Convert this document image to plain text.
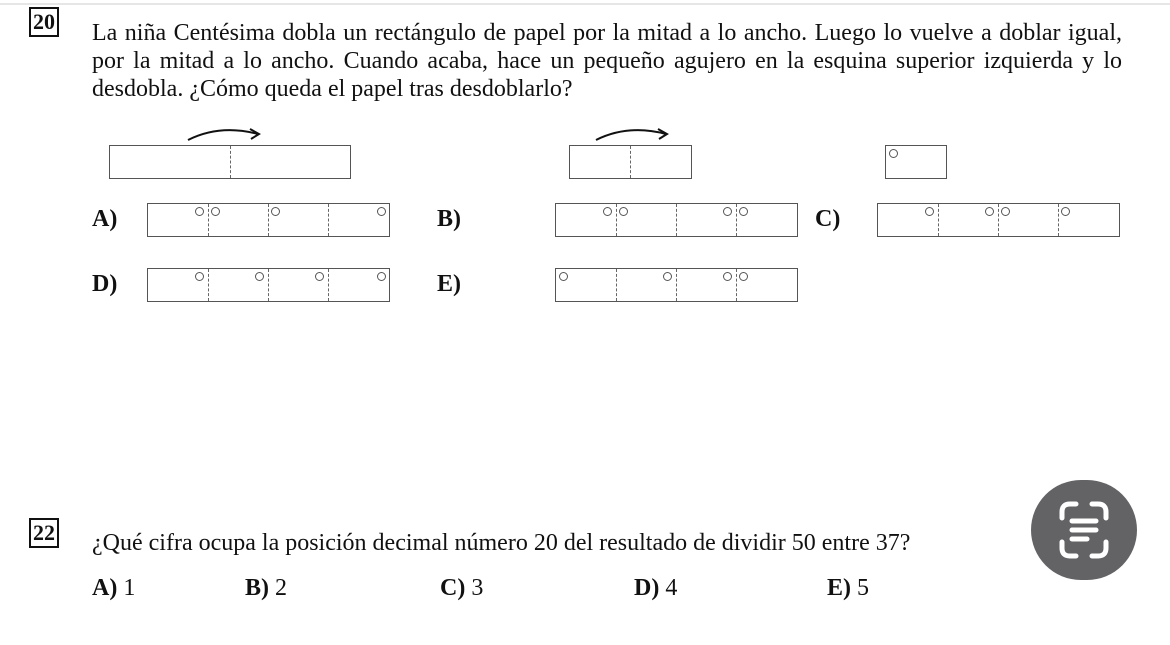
20 La niña Centésima dobla un rectángulo de papel por la mitad a lo ancho. Luego lo vuelve a doblar igual, por la mitad a lo ancho. Cuando acaba, hace un pequeño agujero en la esquina superior izquierda y lo desdobla. ¿Cómo queda el papel tras desdoblarlo?
A)	B)	C)
D)	E)
22 ¿Qué cifra ocupa la posición decimal número 20 del resultado de dividir 50 entre 37?
A) 1	B) 2	C) 3	D) 4	E) 5
